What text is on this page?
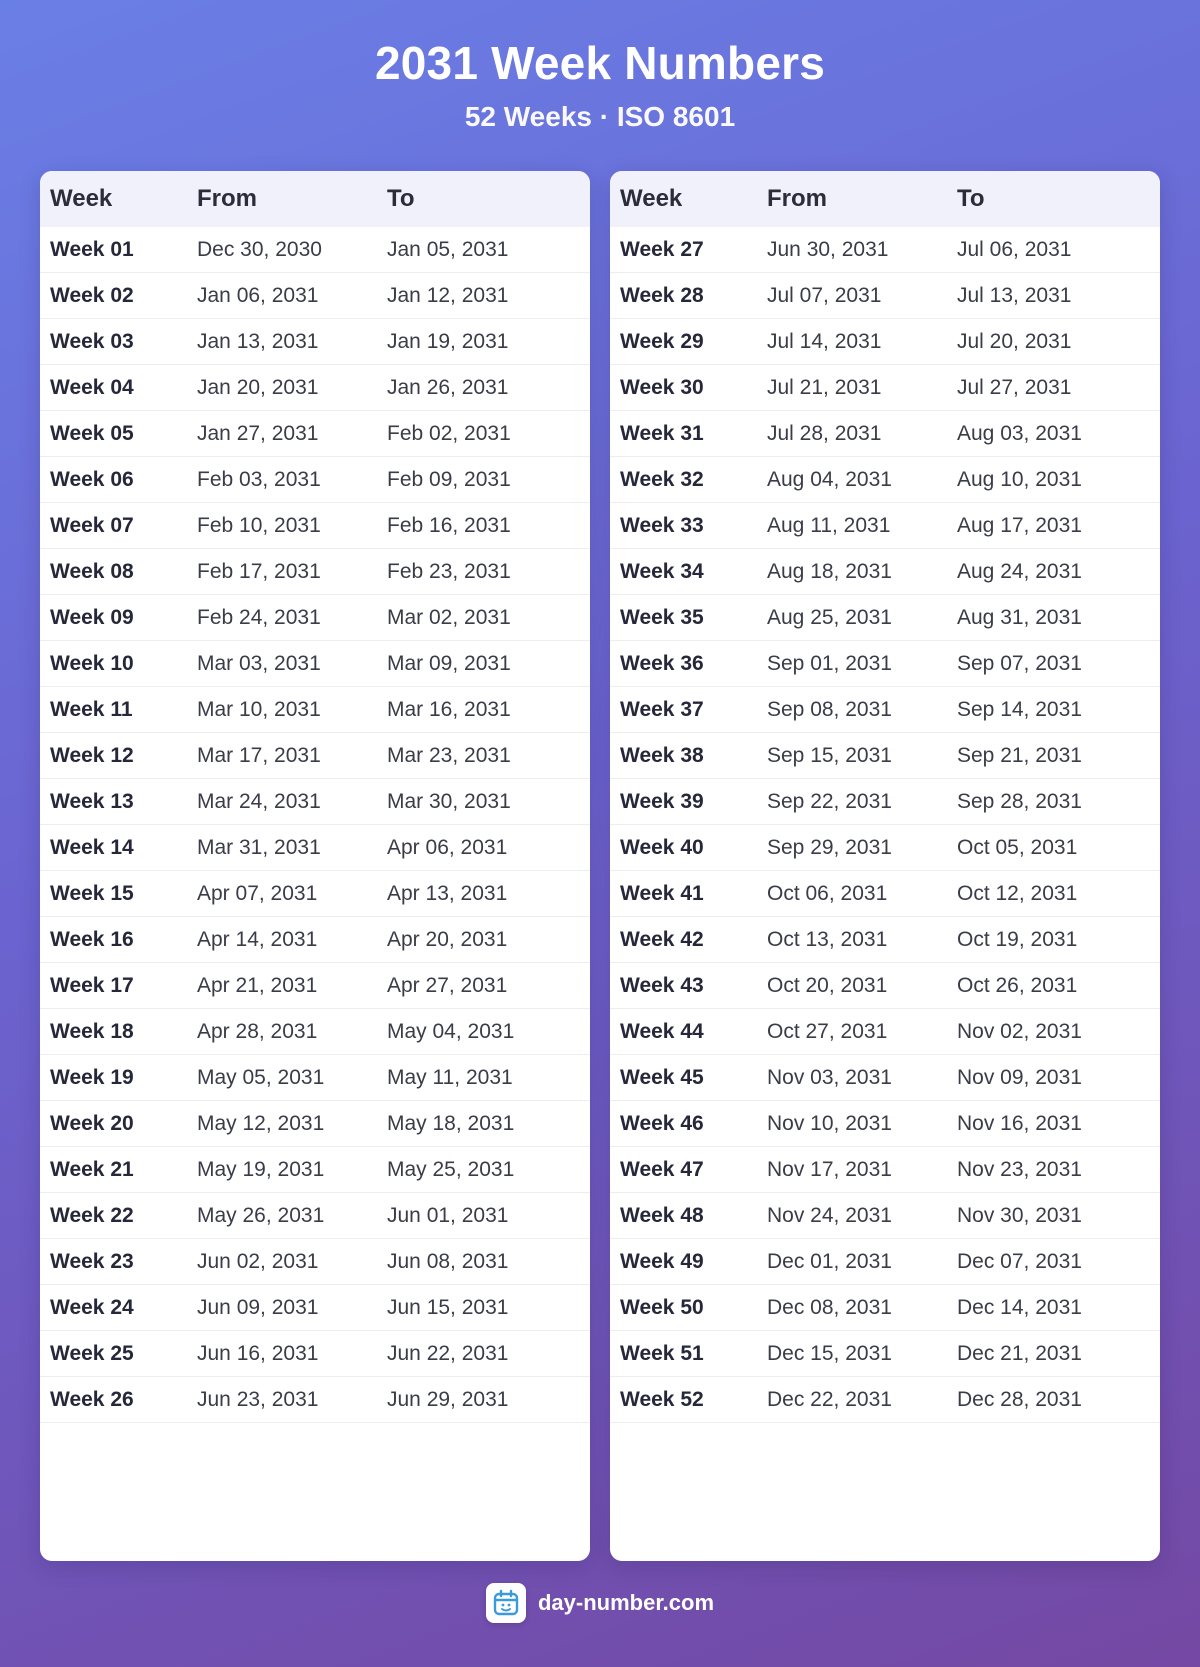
2031 Week Numbers
52 Weeks · ISO 8601
Week	From	To
Week 01	Dec 30, 2030	Jan 05, 2031
Week 02	Jan 06, 2031	Jan 12, 2031
Week 03	Jan 13, 2031	Jan 19, 2031
Week 04	Jan 20, 2031	Jan 26, 2031
Week 05	Jan 27, 2031	Feb 02, 2031
Week 06	Feb 03, 2031	Feb 09, 2031
Week 07	Feb 10, 2031	Feb 16, 2031
Week 08	Feb 17, 2031	Feb 23, 2031
Week 09	Feb 24, 2031	Mar 02, 2031
Week 10	Mar 03, 2031	Mar 09, 2031
Week 11	Mar 10, 2031	Mar 16, 2031
Week 12	Mar 17, 2031	Mar 23, 2031
Week 13	Mar 24, 2031	Mar 30, 2031
Week 14	Mar 31, 2031	Apr 06, 2031
Week 15	Apr 07, 2031	Apr 13, 2031
Week 16	Apr 14, 2031	Apr 20, 2031
Week 17	Apr 21, 2031	Apr 27, 2031
Week 18	Apr 28, 2031	May 04, 2031
Week 19	May 05, 2031	May 11, 2031
Week 20	May 12, 2031	May 18, 2031
Week 21	May 19, 2031	May 25, 2031
Week 22	May 26, 2031	Jun 01, 2031
Week 23	Jun 02, 2031	Jun 08, 2031
Week 24	Jun 09, 2031	Jun 15, 2031
Week 25	Jun 16, 2031	Jun 22, 2031
Week 26	Jun 23, 2031	Jun 29, 2031
Week	From	To
Week 27	Jun 30, 2031	Jul 06, 2031
Week 28	Jul 07, 2031	Jul 13, 2031
Week 29	Jul 14, 2031	Jul 20, 2031
Week 30	Jul 21, 2031	Jul 27, 2031
Week 31	Jul 28, 2031	Aug 03, 2031
Week 32	Aug 04, 2031	Aug 10, 2031
Week 33	Aug 11, 2031	Aug 17, 2031
Week 34	Aug 18, 2031	Aug 24, 2031
Week 35	Aug 25, 2031	Aug 31, 2031
Week 36	Sep 01, 2031	Sep 07, 2031
Week 37	Sep 08, 2031	Sep 14, 2031
Week 38	Sep 15, 2031	Sep 21, 2031
Week 39	Sep 22, 2031	Sep 28, 2031
Week 40	Sep 29, 2031	Oct 05, 2031
Week 41	Oct 06, 2031	Oct 12, 2031
Week 42	Oct 13, 2031	Oct 19, 2031
Week 43	Oct 20, 2031	Oct 26, 2031
Week 44	Oct 27, 2031	Nov 02, 2031
Week 45	Nov 03, 2031	Nov 09, 2031
Week 46	Nov 10, 2031	Nov 16, 2031
Week 47	Nov 17, 2031	Nov 23, 2031
Week 48	Nov 24, 2031	Nov 30, 2031
Week 49	Dec 01, 2031	Dec 07, 2031
Week 50	Dec 08, 2031	Dec 14, 2031
Week 51	Dec 15, 2031	Dec 21, 2031
Week 52	Dec 22, 2031	Dec 28, 2031
day-number.com
